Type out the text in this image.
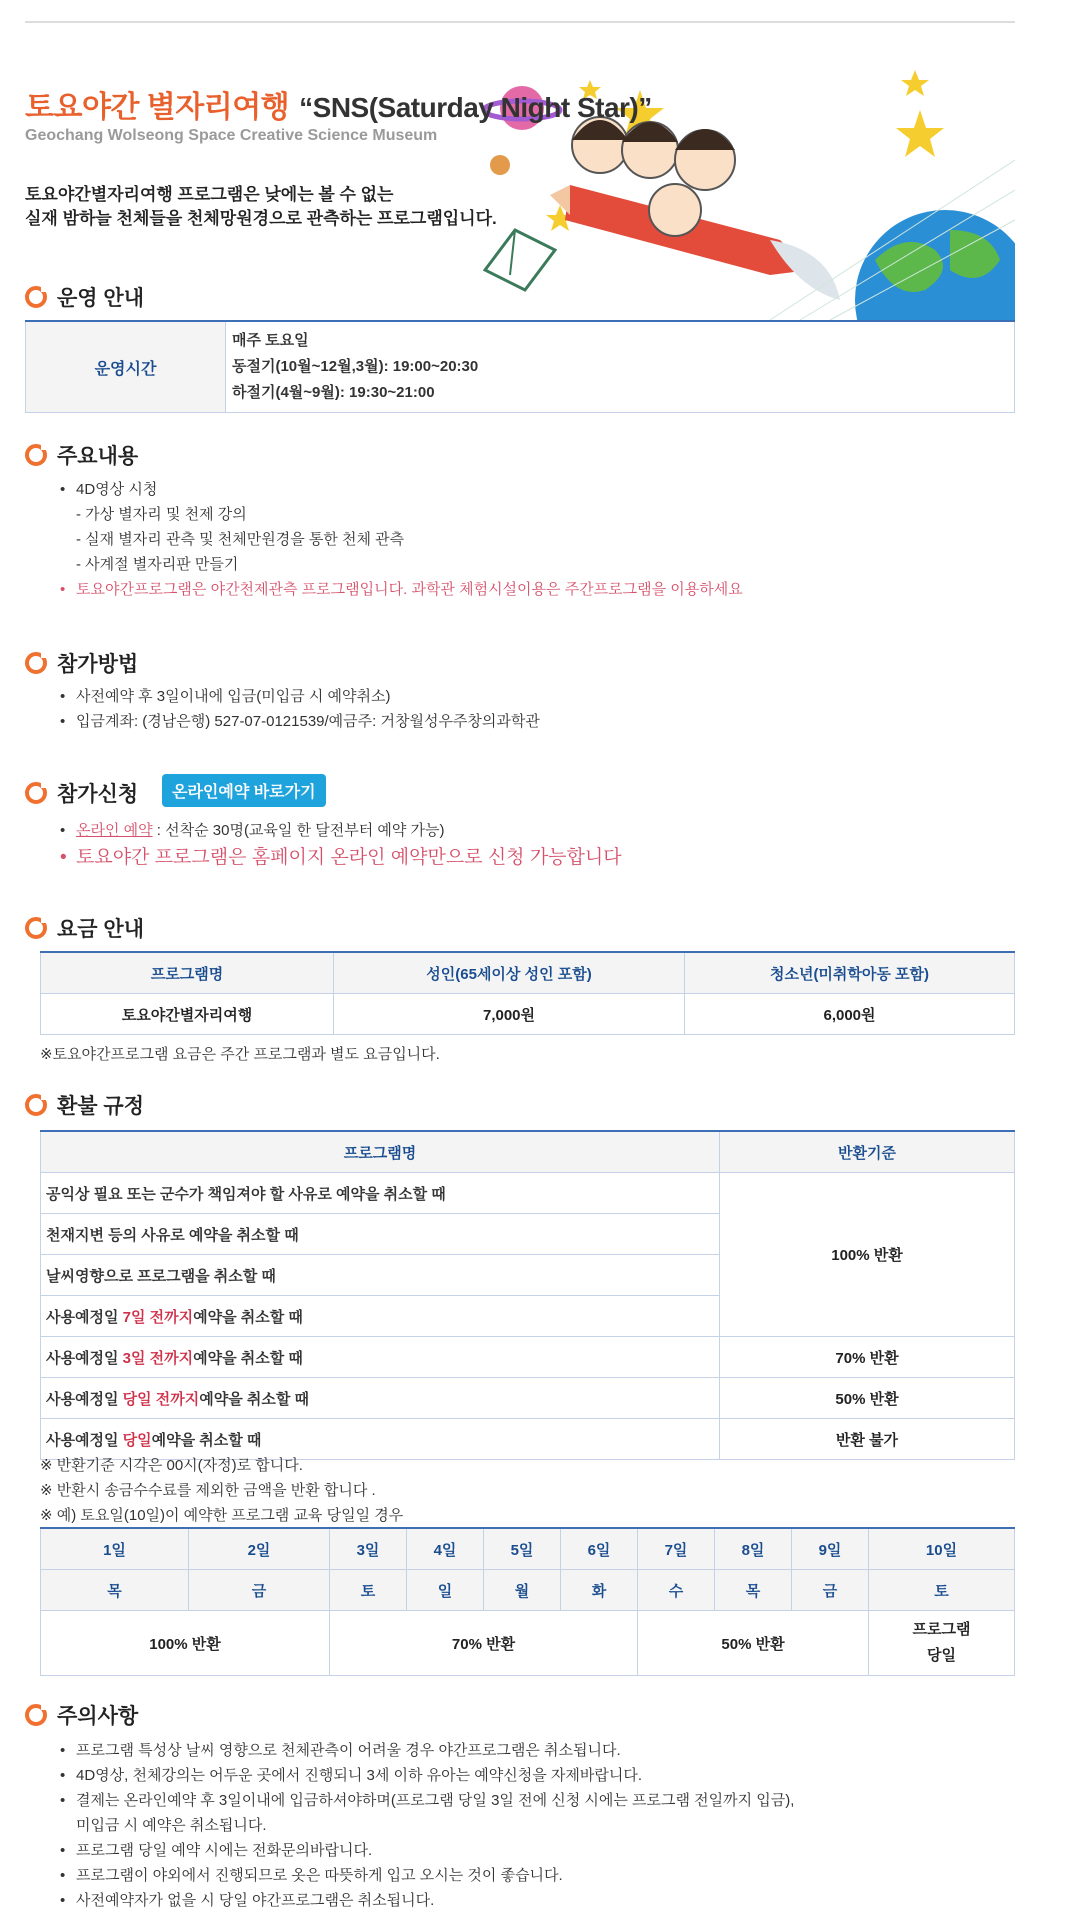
토요야간 별자리여행 “SNS(Saturday Night Star)”
Geochang Wolseong Space Creative Science Museum
토요야간별자리여행 프로그램은 낮에는 볼 수 없는
실재 밤하늘 천체들을 천체망원경으로 관측하는 프로그램입니다.
운영 안내
운영시간	
매주 토요일
동절기(10월~12월,3월): 19:00~20:30
하절기(4월~9월): 19:30~21:00
주요내용
• 4D영상 시청
- 가상 별자리 및 천제 강의
- 실재 별자리 관측 및 천체만원경을 통한 천체 관측
- 사계절 별자리판 만들기
• 토요야간프로그램은 야간천제관측 프로그램입니다. 과학관 체험시설이용은 주간프로그램을 이용하세요
참가방법
• 사전예약 후 3일이내에 입금(미입금 시 예약취소)
• 입금계좌: (경남은행) 527-07-0121539/예금주: 거창월성우주창의과학관
참가신청	온라인예약 바로가기
• 온라인 예약 : 선착순 30명(교육일 한 달전부터 예약 가능)
• 토요야간 프로그램은 홈페이지 온라인 예약만으로 신청 가능합니다
요금 안내
프로그램명	성인(65세이상 성인 포함)	청소년(미취학아동 포함)
토요야간별자리여행	7,000원	6,000원
※토요야간프로그램 요금은 주간 프로그램과 별도 요금입니다.
환불 규정
프로그램명	반환기준
공익상 필요 또는 군수가 책임져야 할 사유로 예약을 취소할 때	100% 반환
천재지변 등의 사유로 예약을 취소할 때	
날씨영향으로 프로그램을 취소할 때	
사용예정일 7일 전까지예약을 취소할 때	
사용예정일 3일 전까지예약을 취소할 때	70% 반환
사용예정일 당일 전까지예약을 취소할 때	50% 반환
사용예정일 당일예약을 취소할 때	반환 불가
※ 반환기준 시각은 00시(자정)로 합니다.
※ 반환시 송금수수료를 제외한 금액을 반환 합니다 .
※ 예) 토요일(10일)이 예약한 프로그램 교육 당일일 경우
1일	2일	3일	4일	5일	6일	7일	8일	9일	10일
목	금	토	일	월	화	수	목	금	토
100% 반환		70% 반환				50% 반환			프로그램
당일
주의사항
• 프로그램 특성상 날씨 영향으로 천체관측이 어려울 경우 야간프로그램은 취소됩니다.
• 4D영상, 천체강의는 어두운 곳에서 진행되니 3세 이하 유아는 예약신청을 자제바랍니다.
• 결제는 온라인예약 후 3일이내에 입금하셔야하며(프로그램 당일 3일 전에 신청 시에는 프로그램 전일까지 입금),
미입금 시 예약은 취소됩니다.
• 프로그램 당일 예약 시에는 전화문의바랍니다.
• 프로그램이 야외에서 진행되므로 옷은 따뜻하게 입고 오시는 것이 좋습니다.
• 사전예약자가 없을 시 당일 야간프로그램은 취소됩니다.
